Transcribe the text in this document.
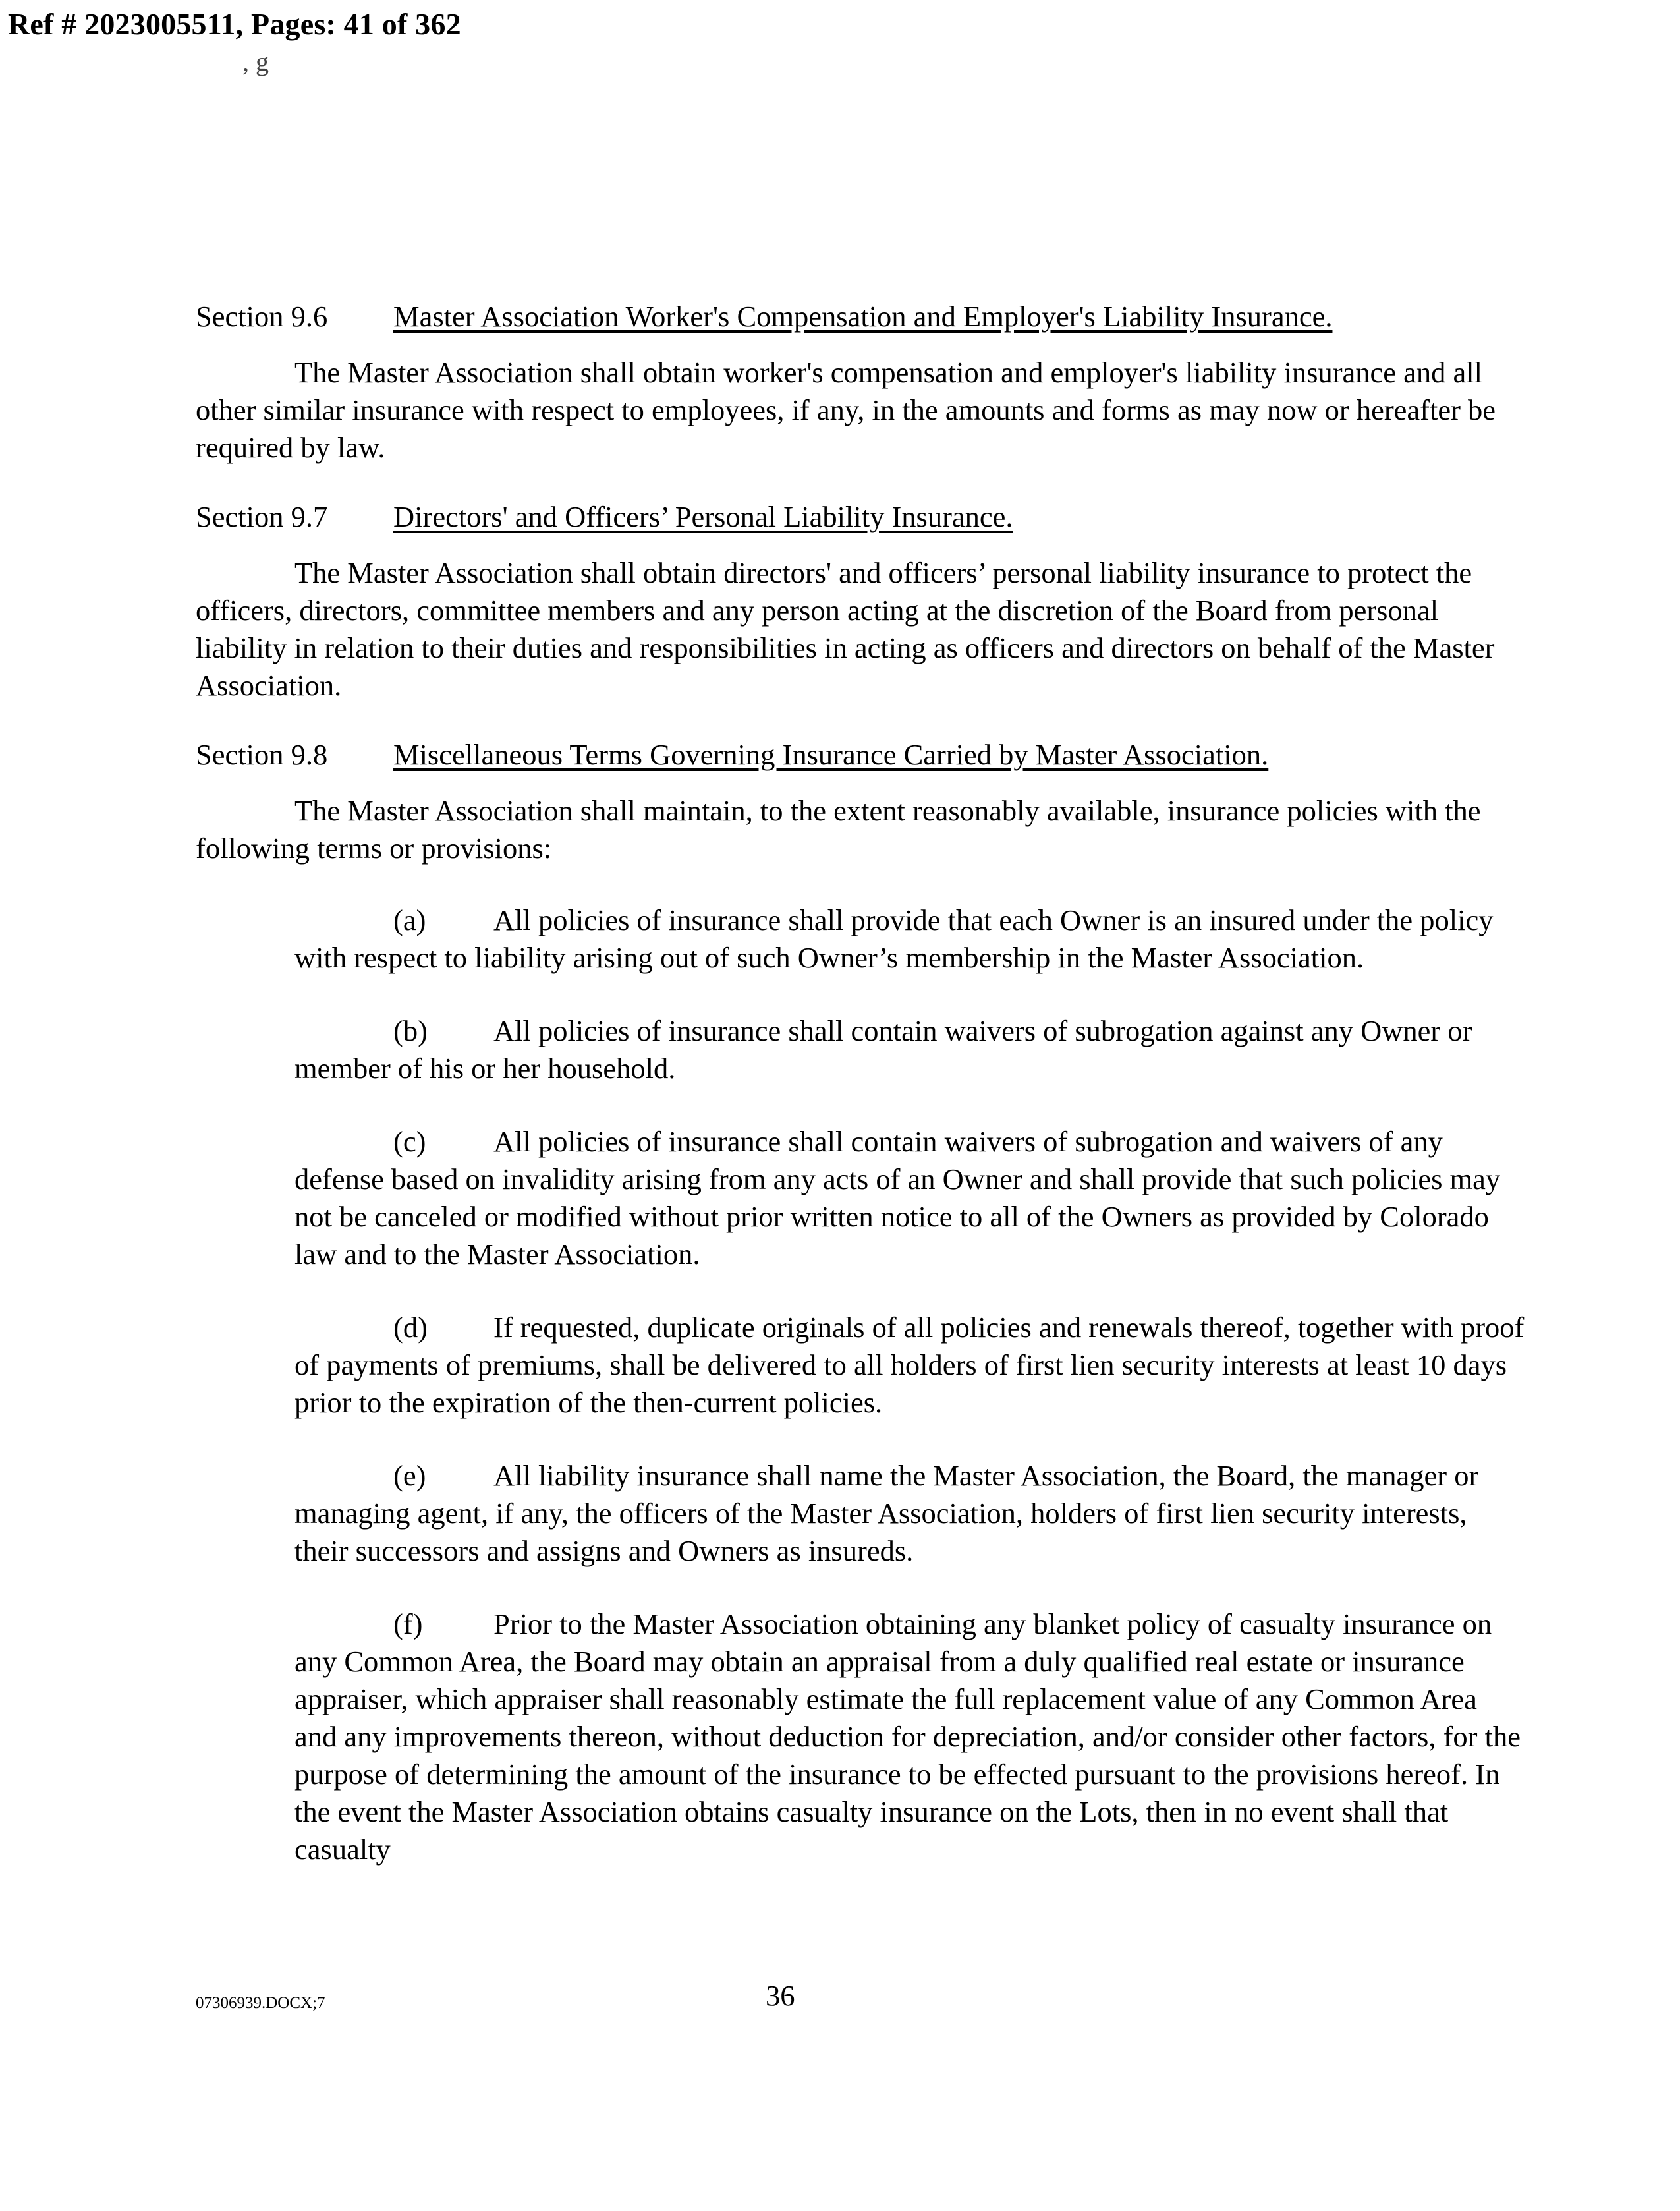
Ref # 2023005511, Pages: 41 of 362
, g
Section 9.6	Master Association Worker's Compensation and Employer's Liability Insurance.

The Master Association shall obtain worker's compensation and employer's liability insurance and all other similar insurance with respect to employees, if any, in the amounts and forms as may now or hereafter be required by law.

Section 9.7	Directors' and Officers’ Personal Liability Insurance.

The Master Association shall obtain directors' and officers’ personal liability insurance to protect the officers, directors, committee members and any person acting at the discretion of the Board from personal liability in relation to their duties and responsibilities in acting as officers and directors on behalf of the Master Association.

Section 9.8	Miscellaneous Terms Governing Insurance Carried by Master Association.

The Master Association shall maintain, to the extent reasonably available, insurance policies with the following terms or provisions:

(a) All policies of insurance shall provide that each Owner is an insured under the policy with respect to liability arising out of such Owner’s membership in the Master Association.

(b) All policies of insurance shall contain waivers of subrogation against any Owner or member of his or her household.

(c) All policies of insurance shall contain waivers of subrogation and waivers of any defense based on invalidity arising from any acts of an Owner and shall provide that such policies may not be canceled or modified without prior written notice to all of the Owners as provided by Colorado law and to the Master Association.

(d) If requested, duplicate originals of all policies and renewals thereof, together with proof of payments of premiums, shall be delivered to all holders of first lien security interests at least 10 days prior to the expiration of the then-current policies.

(e) All liability insurance shall name the Master Association, the Board, the manager or managing agent, if any, the officers of the Master Association, holders of first lien security interests, their successors and assigns and Owners as insureds.

(f) Prior to the Master Association obtaining any blanket policy of casualty insurance on any Common Area, the Board may obtain an appraisal from a duly qualified real estate or insurance appraiser, which appraiser shall reasonably estimate the full replacement value of any Common Area and any improvements thereon, without deduction for depreciation, and/or consider other factors, for the purpose of determining the amount of the insurance to be effected pursuant to the provisions hereof. In the event the Master Association obtains casualty insurance on the Lots, then in no event shall that casualty

07306939.DOCX;7	36
